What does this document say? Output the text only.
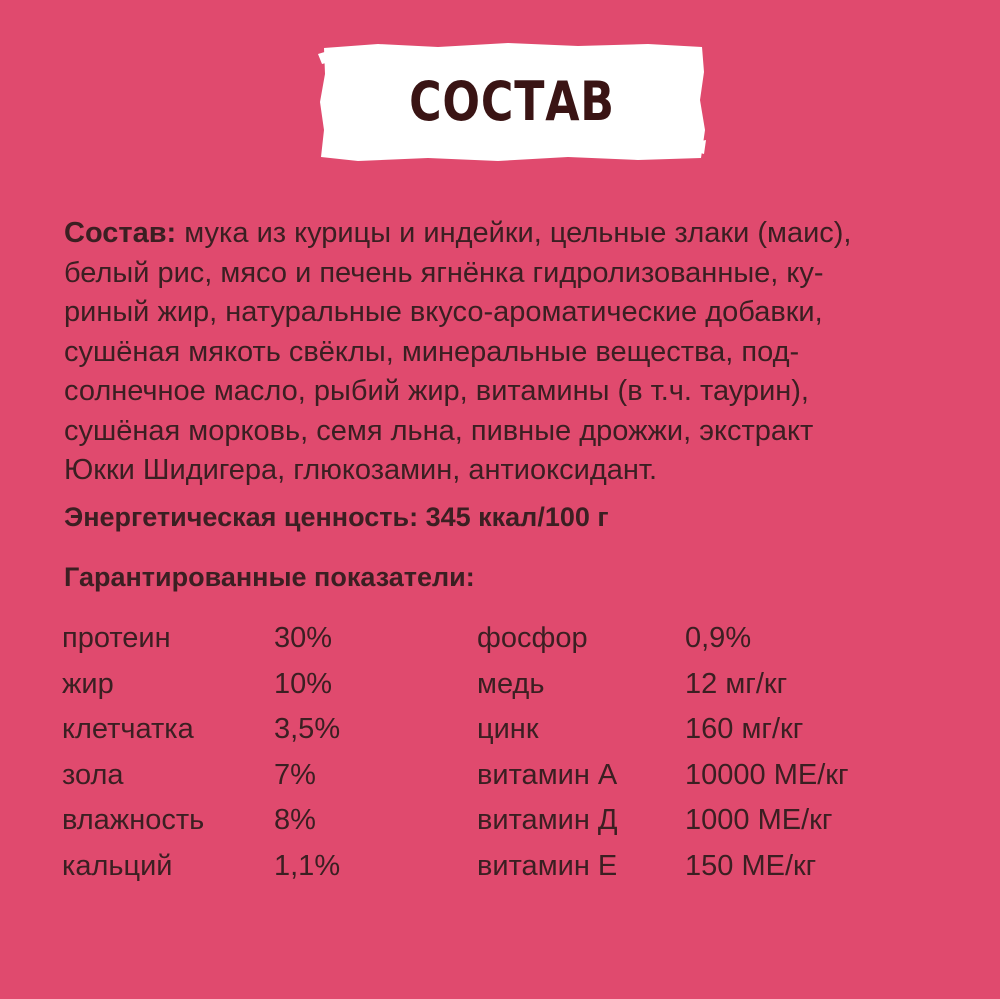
СОСТАВ

Состав: мука из курицы и индейки, цельные злаки (маис),
белый рис, мясо и печень ягнёнка гидролизованные, ку-
риный жир, натуральные вкусо-ароматические добавки,
сушёная мякоть свёклы, минеральные вещества, под-
солнечное масло, рыбий жир, витамины (в т.ч. таурин),
сушёная морковь, семя льна, пивные дрожжи, экстракт
Юкки Шидигера, глюкозамин, антиоксидант.

Энергетическая ценность: 345 ккал/100 г

Гарантированные показатели:

протеин	30%	фосфор	0,9%
жир	10%	медь	12 мг/кг
клетчатка	3,5%	цинк	160 мг/кг
зола	7%	витамин А	10000 МЕ/кг
влажность	8%	витамин Д	1000 МЕ/кг
кальций	1,1%	витамин Е	150 МЕ/кг
